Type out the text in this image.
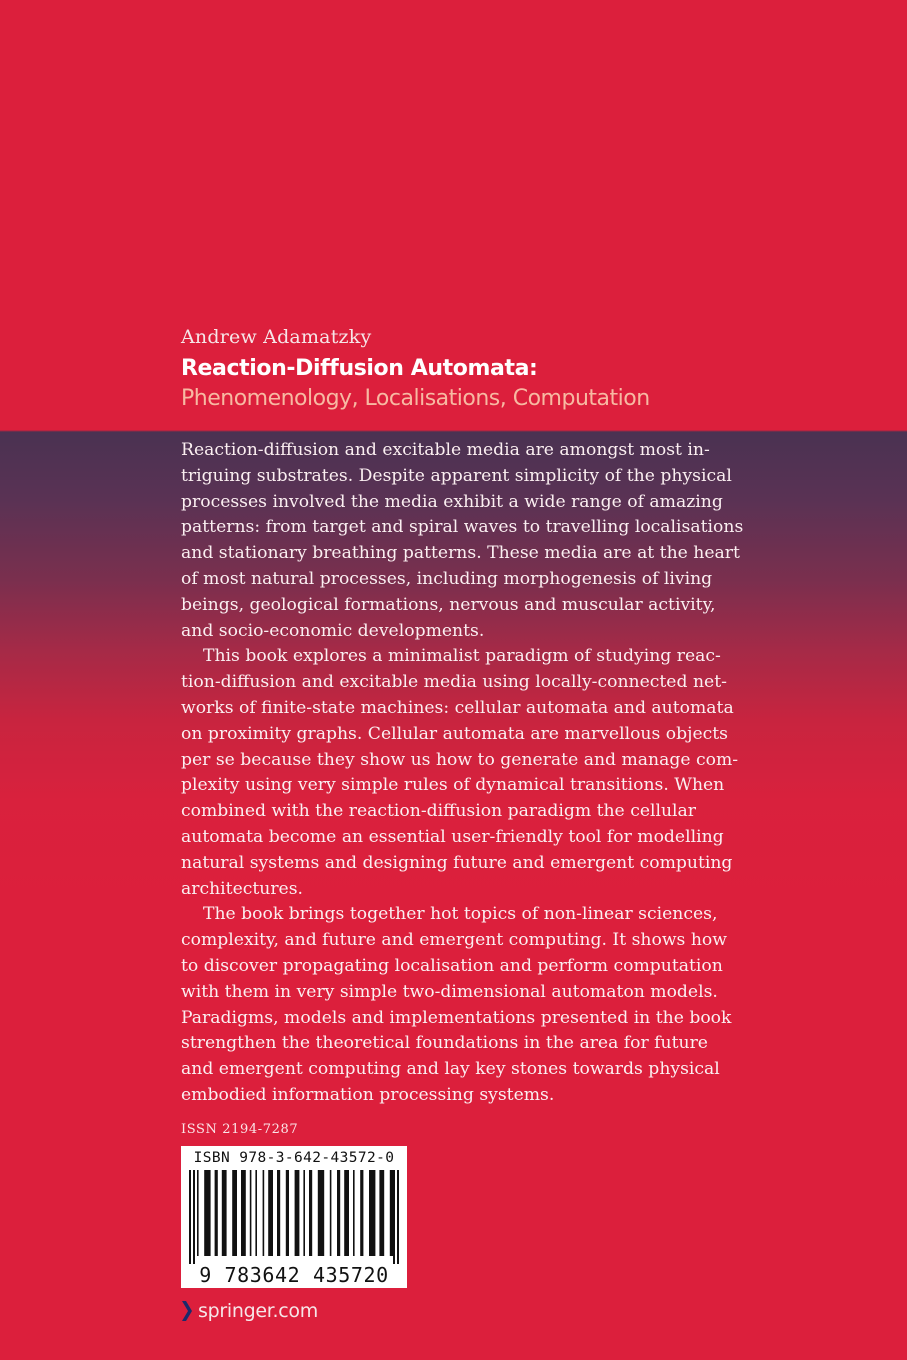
Andrew Adamatzky
Reaction-Diffusion Automata:
Phenomenology, Localisations, Computation

Reaction-diffusion and excitable media are amongst most in-
triguing substrates. Despite apparent simplicity of the physical
processes involved the media exhibit a wide range of amazing
patterns: from target and spiral waves to travelling localisations
and stationary breathing patterns. These media are at the heart
of most natural processes, including morphogenesis of living
beings, geological formations, nervous and muscular activity,
and socio-economic developments.

This book explores a minimalist paradigm of studying reac-
tion-diffusion and excitable media using locally-connected net-
works of finite-state machines: cellular automata and automata
on proximity graphs. Cellular automata are marvellous objects
per se because they show us how to generate and manage com-
plexity using very simple rules of dynamical transitions. When
combined with the reaction-diffusion paradigm the cellular
automata become an essential user-friendly tool for modelling
natural systems and designing future and emergent computing
architectures.

The book brings together hot topics of non-linear sciences,
complexity, and future and emergent computing. It shows how
to discover propagating localisation and perform computation
with them in very simple two-dimensional automaton models.
Paradigms, models and implementations presented in the book
strengthen the theoretical foundations in the area for future
and emergent computing and lay key stones towards physical
embodied information processing systems.

ISSN 2194-7287
ISBN 978-3-642-43572-0
9 783642 435720
springer.com
